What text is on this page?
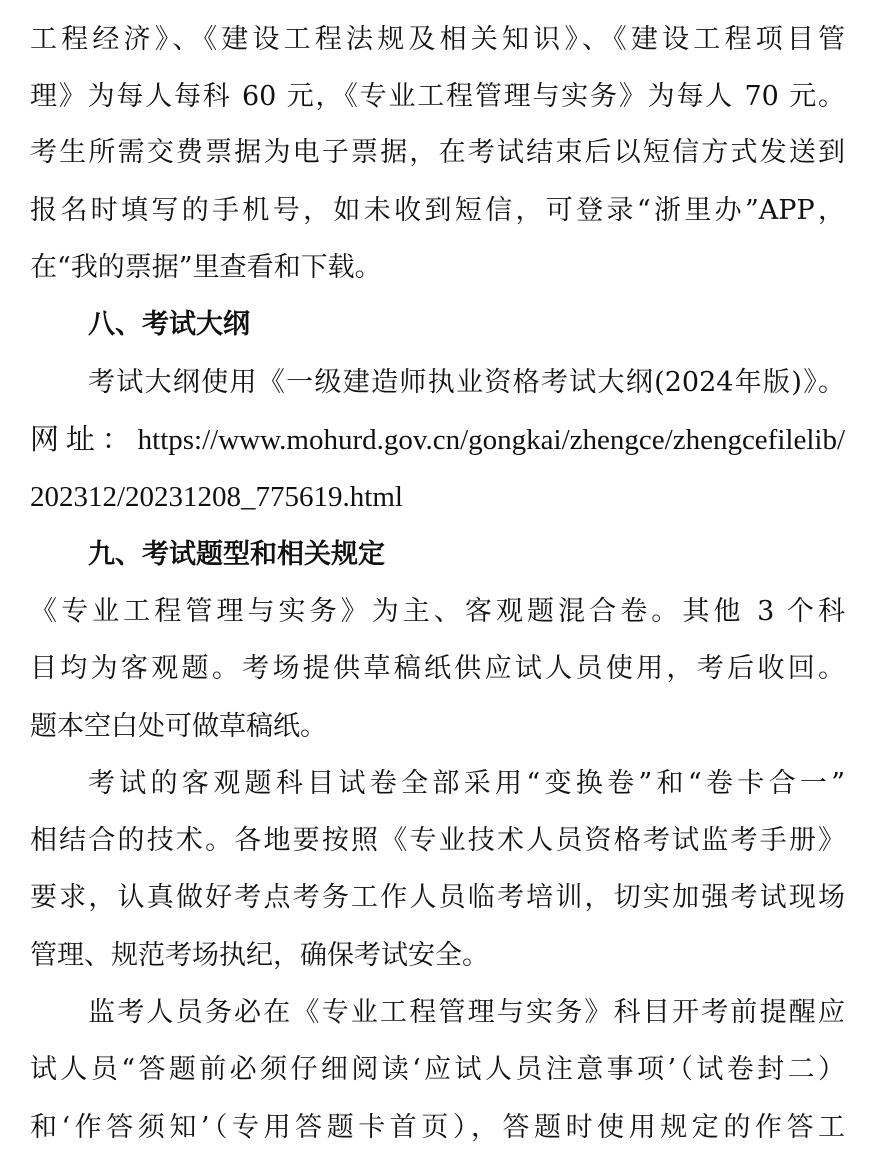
工程经济》、《建设工程法规及相关知识》、《建设工程项目管
理》为每人每科 60 元，《专业工程管理与实务》为每人 70 元。
考生所需交费票据为电子票据，在考试结束后以短信方式发送到
报名时填写的手机号，如未收到短信，可登录“浙里办”APP，
在“我的票据”里查看和下载。
八、考试大纲
考试大纲使用《一级建造师执业资格考试大纲(2024年版)》。
网址：https://www.mohurd.gov.cn/gongkai/zhengce/zhengcefilelib/
202312/20231208_775619.html
九、考试题型和相关规定
《专业工程管理与实务》为主、客观题混合卷。其他 3 个科
目均为客观题。考场提供草稿纸供应试人员使用，考后收回。
题本空白处可做草稿纸。
考试的客观题科目试卷全部采用“变换卷”和“卷卡合一”
相结合的技术。各地要按照《专业技术人员资格考试监考手册》
要求，认真做好考点考务工作人员临考培训，切实加强考试现场
管理、规范考场执纪，确保考试安全。
监考人员务必在《专业工程管理与实务》科目开考前提醒应
试人员“答题前必须仔细阅读‘应试人员注意事项’（试卷封二）
和‘作答须知’（专用答题卡首页），答题时使用规定的作答工
